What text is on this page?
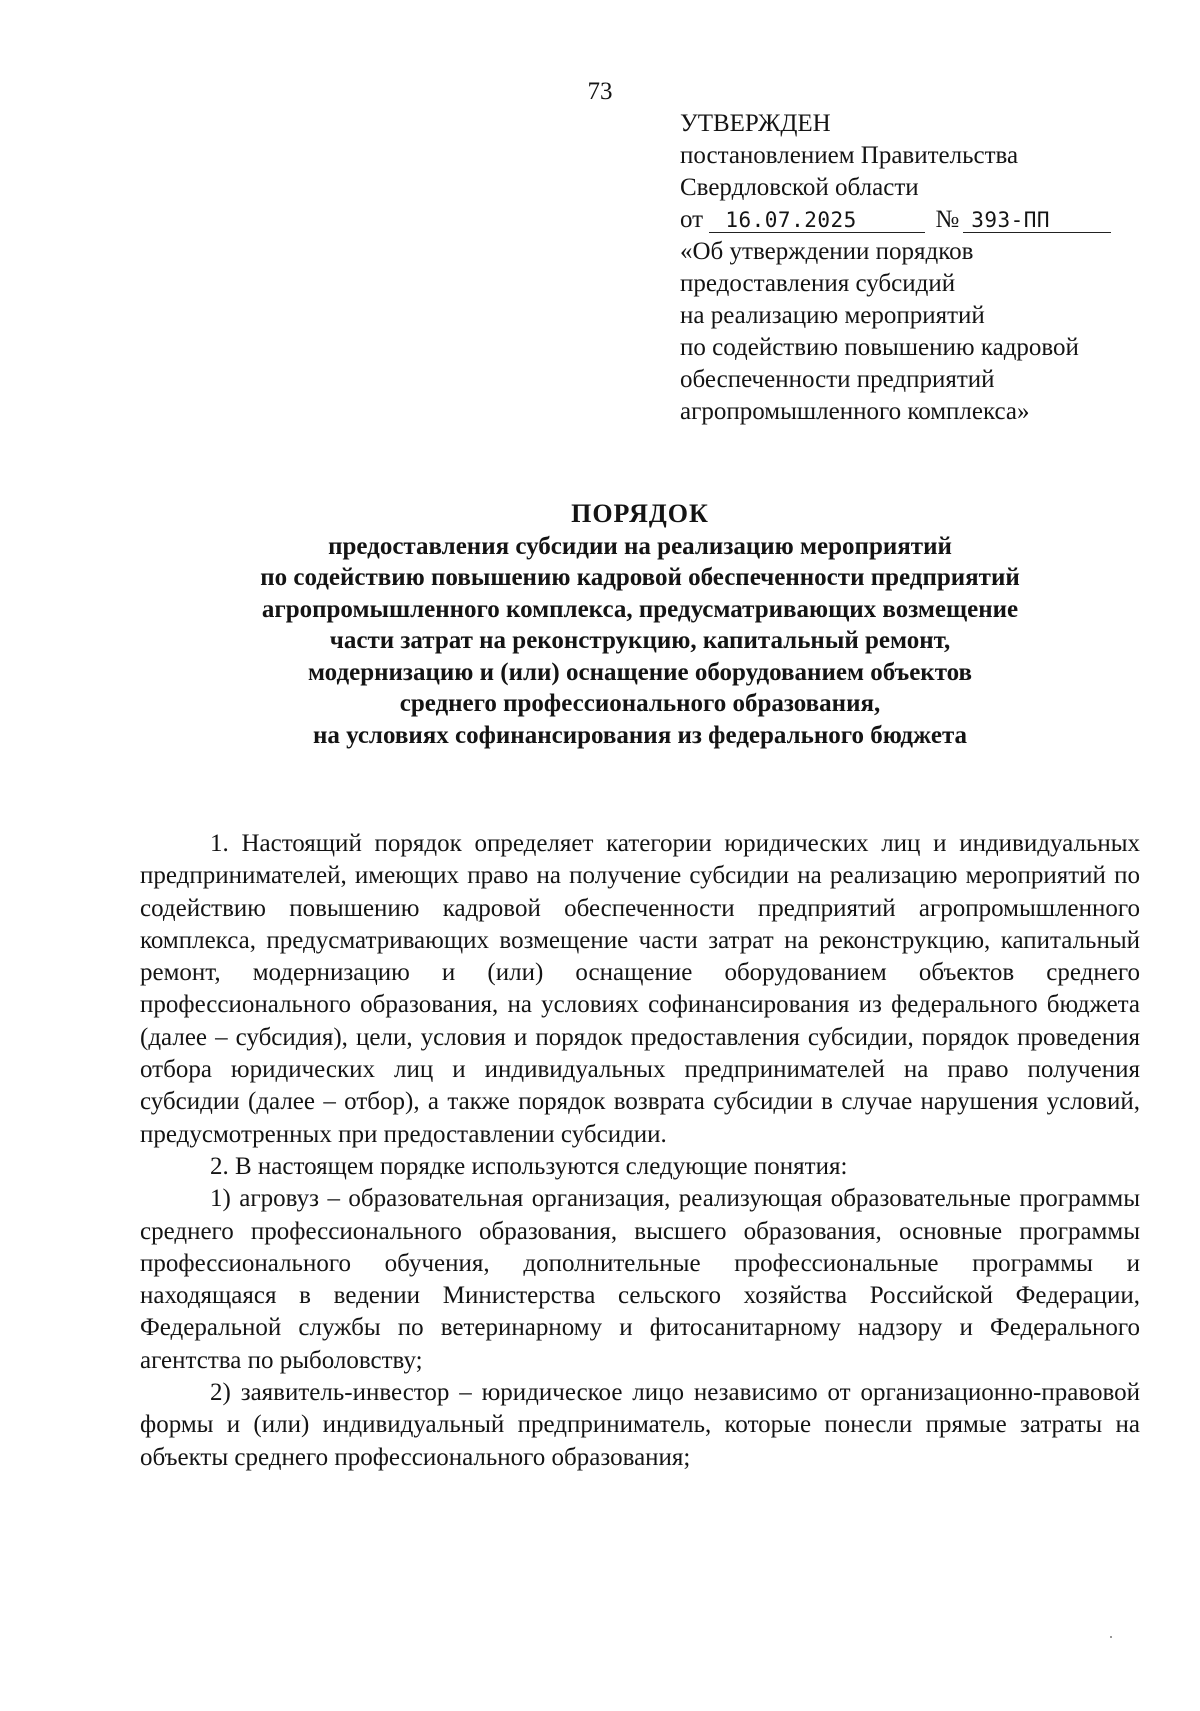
73
УТВЕРЖДЕН
постановлением Правительства
Свердловской области
от 16.07.2025	№ 393-ПП
«Об утверждении порядков
предоставления субсидий
на реализацию мероприятий
по содействию повышению кадровой
обеспеченности предприятий
агропромышленного комплекса»
ПОРЯДОК
предоставления субсидии на реализацию мероприятий
по содействию повышению кадровой обеспеченности предприятий
агропромышленного комплекса, предусматривающих возмещение
части затрат на реконструкцию, капитальный ремонт,
модернизацию и (или) оснащение оборудованием объектов
среднего профессионального образования,
на условиях софинансирования из федерального бюджета

1. Настоящий порядок определяет категории юридических лиц и индивидуальных предпринимателей, имеющих право на получение субсидии на реализацию мероприятий по содействию повышению кадровой обеспеченности предприятий агропромышленного комплекса, предусматривающих возмещение части затрат на реконструкцию, капитальный ремонт, модернизацию и (или) оснащение оборудованием объектов среднего профессионального образования, на условиях софинансирования из федерального бюджета (далее – субсидия), цели, условия и порядок предоставления субсидии, порядок проведения отбора юридических лиц и индивидуальных предпринимателей на право получения субсидии (далее – отбор), а также порядок возврата субсидии в случае нарушения условий, предусмотренных при предоставлении субсидии.

2. В настоящем порядке используются следующие понятия:

1) агровуз – образовательная организация, реализующая образовательные программы среднего профессионального образования, высшего образования, основные программы профессионального обучения, дополнительные профессиональные программы и находящаяся в ведении Министерства сельского хозяйства Российской Федерации, Федеральной службы по ветеринарному и фитосанитарному надзору и Федерального агентства по рыболовству;

2) заявитель-инвестор – юридическое лицо независимо от организационно-правовой формы и (или) индивидуальный предприниматель, которые понесли прямые затраты на объекты среднего профессионального образования;
